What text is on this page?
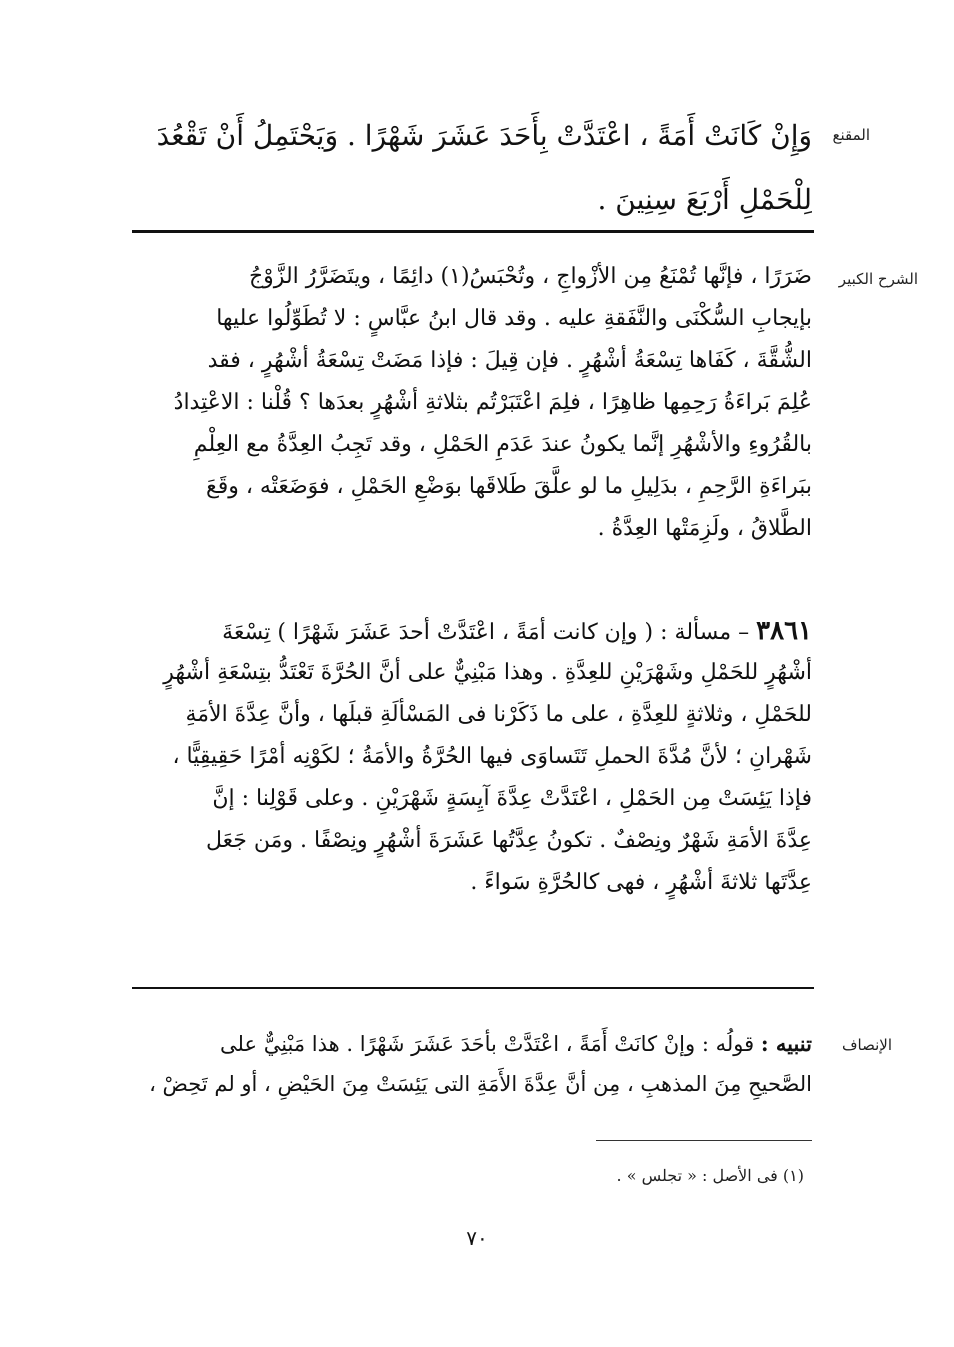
المقنع
وَإِنْ كَانَتْ أَمَةً ، اعْتَدَّتْ بِأَحَدَ عَشَرَ شَهْرًا . وَيَحْتَمِلُ أَنْ تَقْعُدَ
لِلْحَمْلِ أَرْبَعَ سِنِينَ .
الشرح الكبير
ضَرَرًا ، فإنَّها تُمْنَعُ مِن الأزْواجِ ، وتُحْبَسُ(١) دائِمًا ، ويتَضَرَّرُ الزَّوْجُ
بإيجابِ السُّكْنَى والنَّفَقةِ عليه . وقد قال ابنُ عبَّاسٍ : لا تُطَوِّلُوا عليها
الشُّقَّةَ ، كَفَاها تِسْعَةُ أشْهُرٍ . فإن قِيلَ : فإذا مَضَتْ تِسْعَةُ أشْهُرٍ ، فقد
عُلِمَ بَراءَةُ رَحِمِها ظاهِرًا ، فلِمَ اعْتَبَرْتُم بثلاثةِ أشْهُرٍ بعدَها ؟ قُلْنا : الاعْتِدادُ
بالقُرُوءِ والأشْهُرِ إنَّما يكونُ عندَ عَدَمِ الحَمْلِ ، وقد تَجِبُ العِدَّةُ مع العِلْمِ
ببَراءَةِ الرَّحِمِ ، بدَلِيلِ ما لو علَّقَ طَلاقَها بوَضْعِ الحَمْلِ ، فوَضَعَتْه ، وقَعَ
الطَّلاقُ ، ولَزِمَتْها العِدَّةُ .
٣٨٦١ – مسألة : ( وإن كانت أمَةً ، اعْتَدَّتْ أحدَ عَشَرَ شَهْرًا ) تِسْعَةَ
أشْهُرٍ للحَمْلِ وشَهْرَيْنِ للعِدَّةِ . وهذا مَبْنِيٌّ على أنَّ الحُرَّةَ تَعْتَدُّ بتِسْعَةِ أشْهُرٍ
للحَمْلِ ، وثلاثةٍ للعِدَّةِ ، على ما ذَكَرْنا فى المَسْألَةِ قبلَها ، وأنَّ عِدَّةَ الأمَةِ
شَهْرانِ ؛ لأنَّ مُدَّةَ الحملِ تَتَساوَى فيها الحُرَّةُ والأمَةُ ؛ لكَوْنِه أمْرًا حَقِيقِيًّا ،
فإذا يَئِسَتْ مِن الحَمْلِ ، اعْتَدَّتْ عِدَّةَ آيِسَةٍ شَهْرَيْنِ . وعلى قَوْلِنا : إنَّ
عِدَّةَ الأمَةِ شَهْرٌ ونِصْفٌ . تكونُ عِدَّتُها عَشَرَةَ أشْهُرٍ ونِصْفًا . ومَن جَعَل
عِدَّتَها ثلاثةَ أشْهُرٍ ، فهى كالحُرَّةِ سَواءً .
الإنصاف
تنبيه : قولُه : وإنْ كانَتْ أَمَةً ، اعْتَدَّتْ بأحَدَ عَشَرَ شَهْرًا . هذا مَبْنِيٌّ على
الصَّحيحِ مِنَ المذهبِ ، مِن أنَّ عِدَّةَ الأَمَةِ التى يَئِسَتْ مِنَ الحَيْضِ ، أو لم تَحِضْ ،
(١) فى الأصل : « تجلس » .
٧٠
